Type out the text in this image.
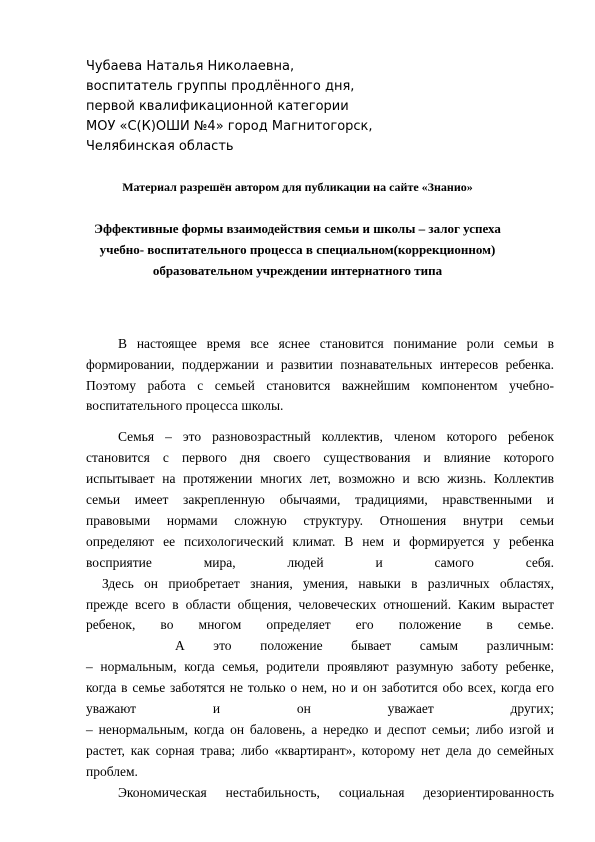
Чубаева Наталья Николаевна,
воспитатель группы продлённого дня,
первой квалификационной категории
МОУ «С(К)ОШИ №4» город Магнитогорск,
Челябинская область
Материал разрешён автором для публикации на сайте «Знанио»
Эффективные формы взаимодействия семьи и школы – залог успеха
учебно- воспитательного процесса в специальном(коррекционном)
образовательном учреждении интернатного типа
В настоящее время все яснее становится понимание роли семьи в
формировании, поддержании и развитии познавательных интересов ребенка.
Поэтому работа с семьей становится важнейшим компонентом учебно-
воспитательного процесса школы.
Семья – это разновозрастный коллектив, членом которого ребенок
становится с первого дня своего существования и влияние которого
испытывает на протяжении многих лет, возможно и всю жизнь. Коллектив
семьи имеет закрепленную обычаями, традициями, нравственными и
правовыми нормами сложную структуру. Отношения внутри семьи
определяют ее психологический климат. В нем и формируется у ребенка
восприятие мира, людей и самого себя.
Здесь он приобретает знания, умения, навыки в различных областях,
прежде всего в области общения, человеческих отношений. Каким вырастет
ребенок, во многом определяет его положение в семье.
А это положение бывает самым различным:
– нормальным, когда семья, родители проявляют разумную заботу ребенке,
когда в семье заботятся не только о нем, но и он заботится обо всех, когда его
уважают и он уважает других;
– ненормальным, когда он баловень, а нередко и деспот семьи; либо изгой и
растет, как сорная трава; либо «квартирант», которому нет дела до семейных
проблем.
Экономическая нестабильность, социальная дезориентированность
